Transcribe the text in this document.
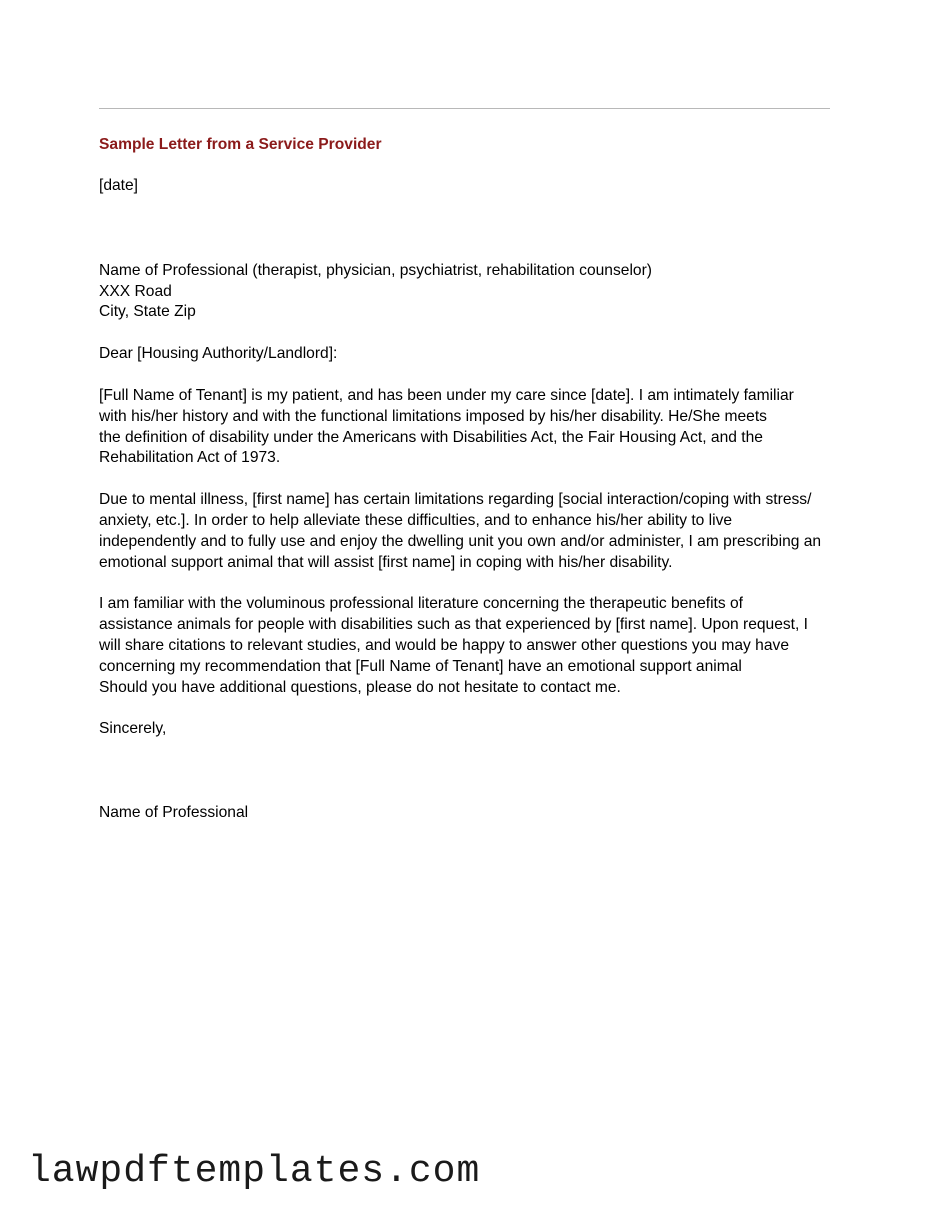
Sample Letter from a Service Provider
[date]
Name of Professional (therapist, physician, psychiatrist, rehabilitation counselor)
XXX Road
City, State Zip
Dear [Housing Authority/Landlord]:
[Full Name of Tenant] is my patient, and has been under my care since [date]. I am intimately familiar
with his/her history and with the functional limitations imposed by his/her disability. He/She meets
the definition of disability under the Americans with Disabilities Act, the Fair Housing Act, and the
Rehabilitation Act of 1973.
Due to mental illness, [first name] has certain limitations regarding [social interaction/coping with stress/
anxiety, etc.]. In order to help alleviate these difficulties, and to enhance his/her ability to live
independently and to fully use and enjoy the dwelling unit you own and/or administer, I am prescribing an
emotional support animal that will assist [first name] in coping with his/her disability.
I am familiar with the voluminous professional literature concerning the therapeutic benefits of
assistance animals for people with disabilities such as that experienced by [first name]. Upon request, I
will share citations to relevant studies, and would be happy to answer other questions you may have
concerning my recommendation that [Full Name of Tenant] have an emotional support animal
Should you have additional questions, please do not hesitate to contact me.
Sincerely,
Name of Professional
lawpdftemplates.com
